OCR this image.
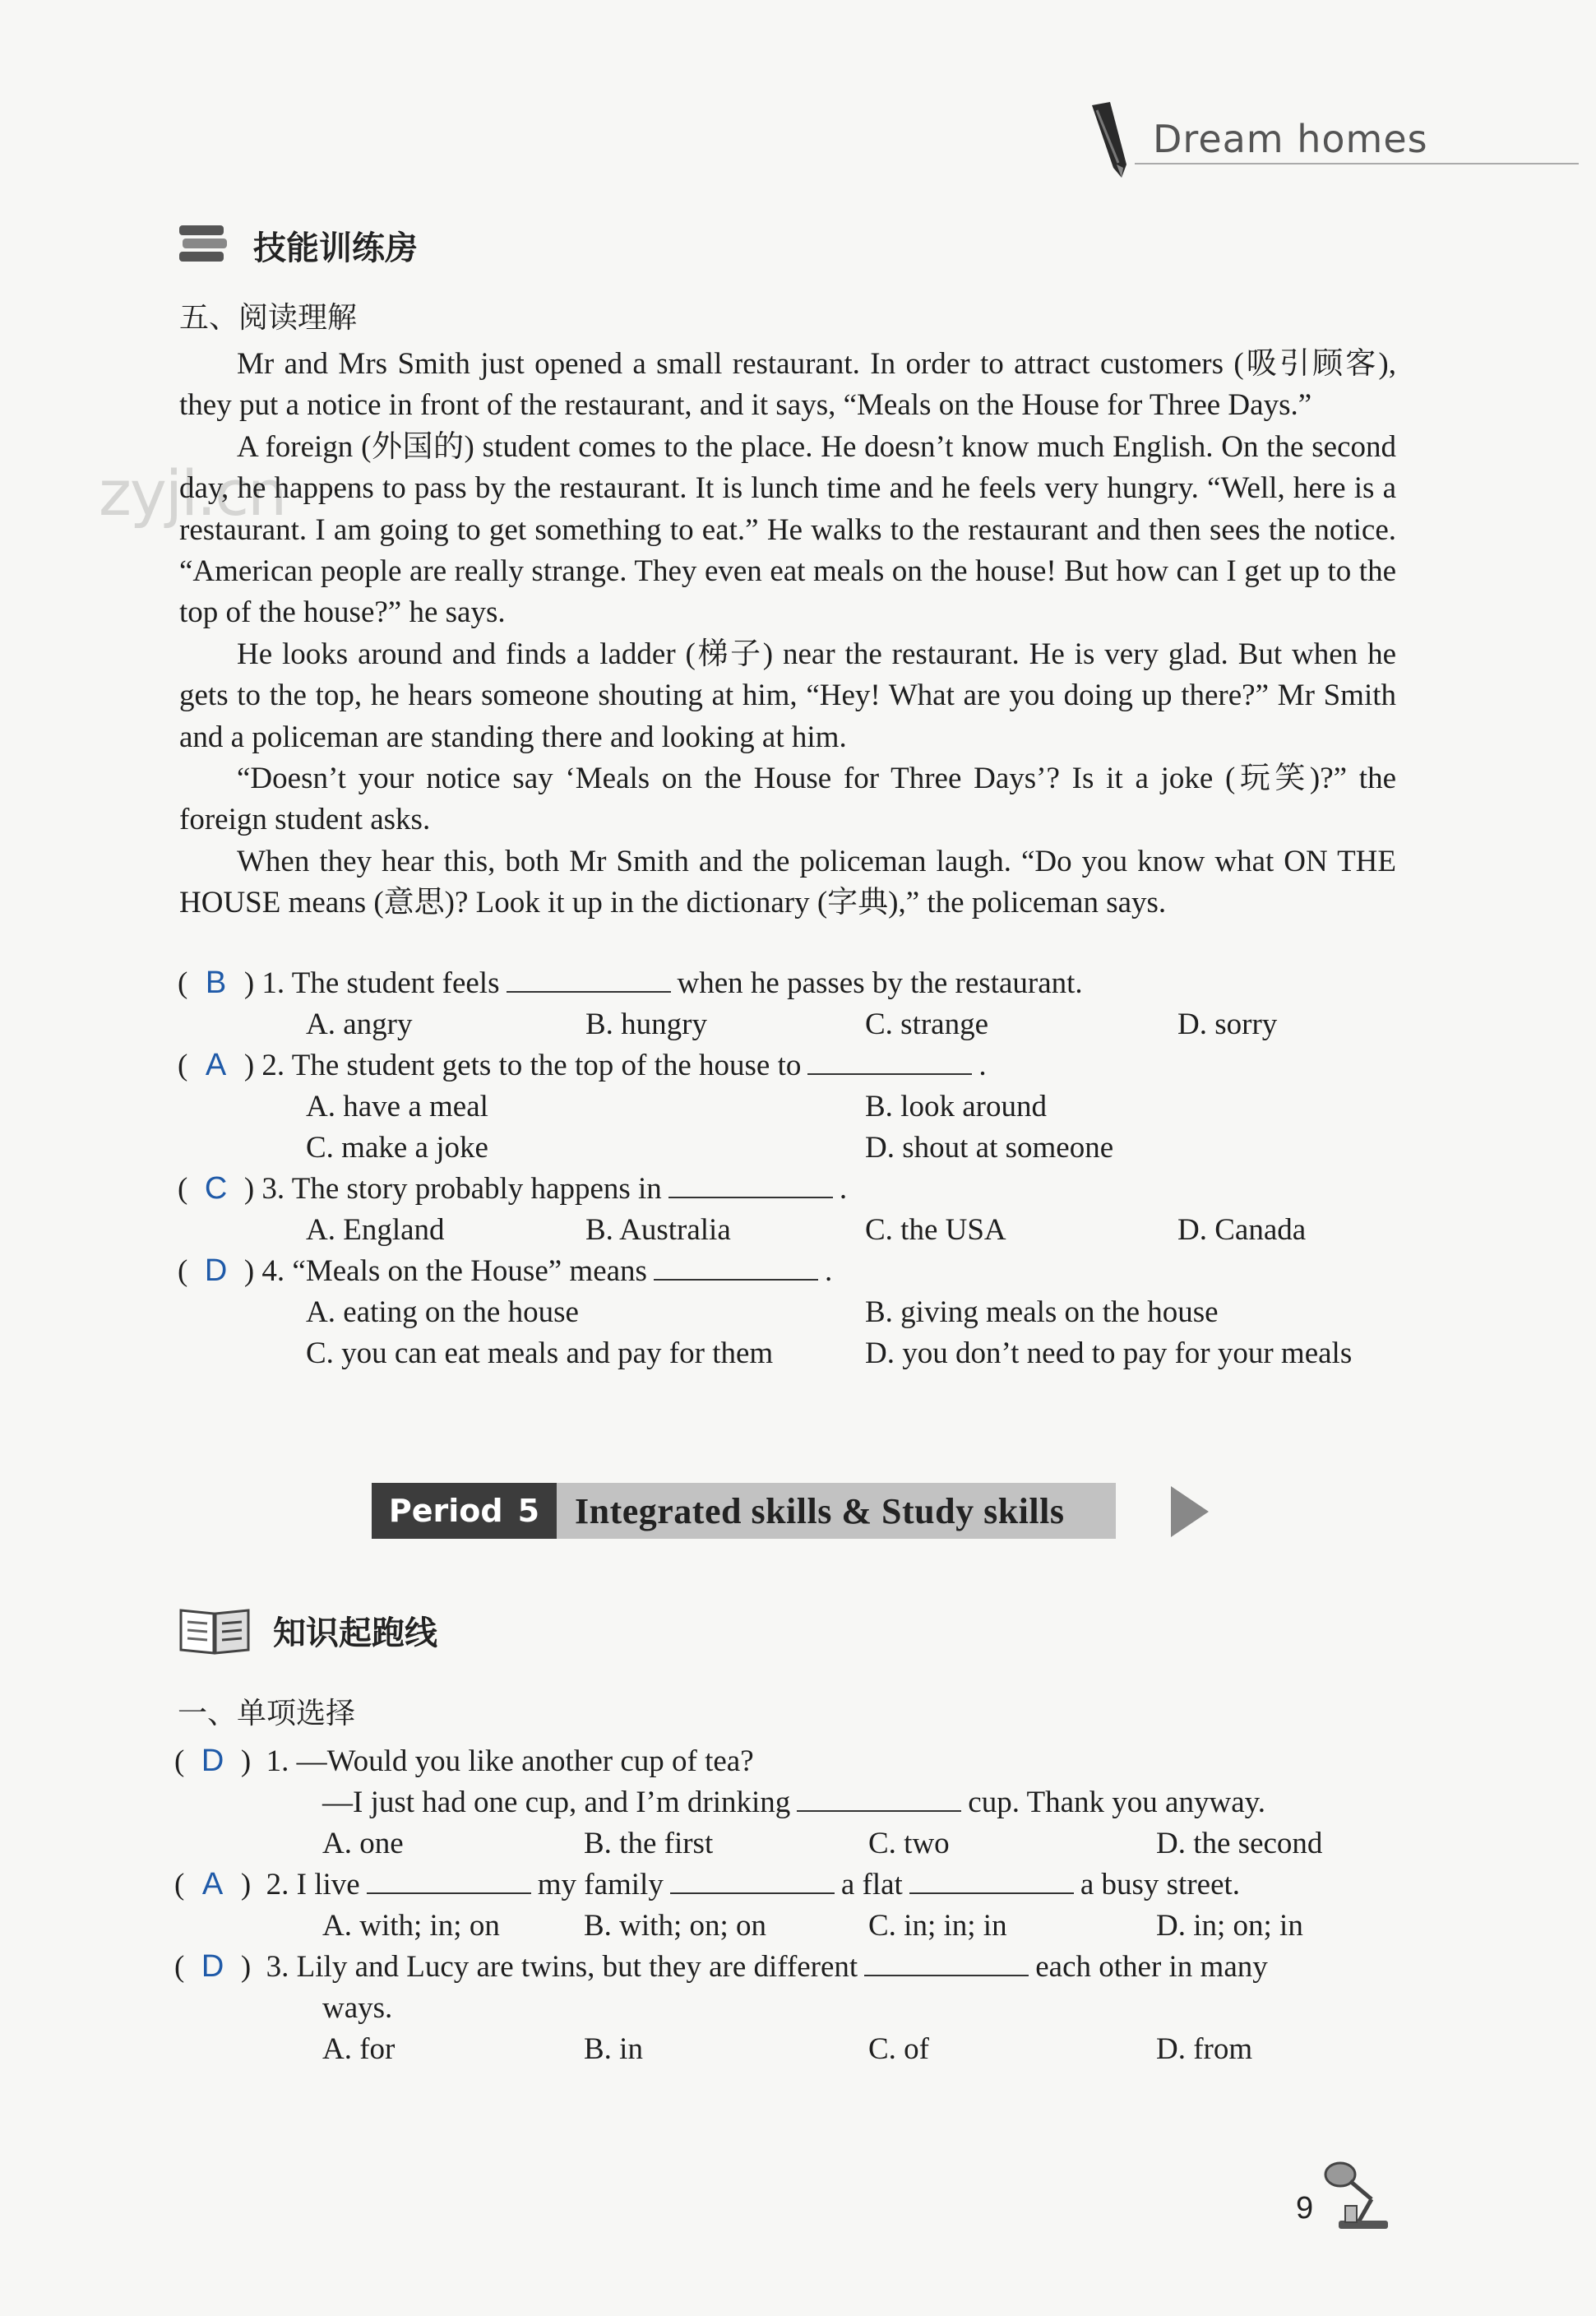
Dream homes
zyjl.cn
技能训练房
五、阅读理解

Mr and Mrs Smith just opened a small restaurant. In order to attract customers (吸引顾客), they put a notice in front of the restaurant, and it says, “Meals on the House for Three Days.”

A foreign (外国的) student comes to the place. He doesn’t know much English. On the second day, he happens to pass by the restaurant. It is lunch time and he feels very hungry. “Well, here is a restaurant. I am going to get something to eat.” He walks to the restaurant and then sees the notice. “American people are really strange. They even eat meals on the house! But how can I get up to the top of the house?” he says.

He looks around and finds a ladder (梯子) near the restaurant. He is very glad. But when he gets to the top, he hears someone shouting at him, “Hey! What are you doing up there?” Mr Smith and a policeman are standing there and looking at him.

“Doesn’t your notice say ‘Meals on the House for Three Days’? Is it a joke (玩笑)?” the foreign student asks.

When they hear this, both Mr Smith and the policeman laugh. “Do you know what ON THE HOUSE means (意思)? Look it up in the dictionary (字典),” the policeman says.

( B ) 1. The student feels	when he passes by the restaurant.
A. angry	B. hungry	C. strange	D. sorry
( A ) 2. The student gets to the top of the house to	.
A. have a meal	B. look around
C. make a joke	D. shout at someone
( C ) 3. The story probably happens in	.
A. England	B. Australia	C. the USA	D. Canada
( D ) 4. “Meals on the House” means	.
A. eating on the house	B. giving meals on the house
C. you can eat meals and pay for them	D. you don’t need to pay for your meals
Period 5 Integrated skills & Study skills
知识起跑线
一、单项选择
( D )  1. —Would you like another cup of tea?
—I just had one cup, and I’m drinking	cup. Thank you anyway.
A. one	B. the first	C. two	D. the second
( A )  2. I live	my family	a flat	a busy street.
A. with; in; on	B. with; on; on	C. in; in; in	D. in; on; in
( D )  3. Lily and Lucy are twins, but they are different	each other in many
ways.
A. for	B. in	C. of	D. from
9
